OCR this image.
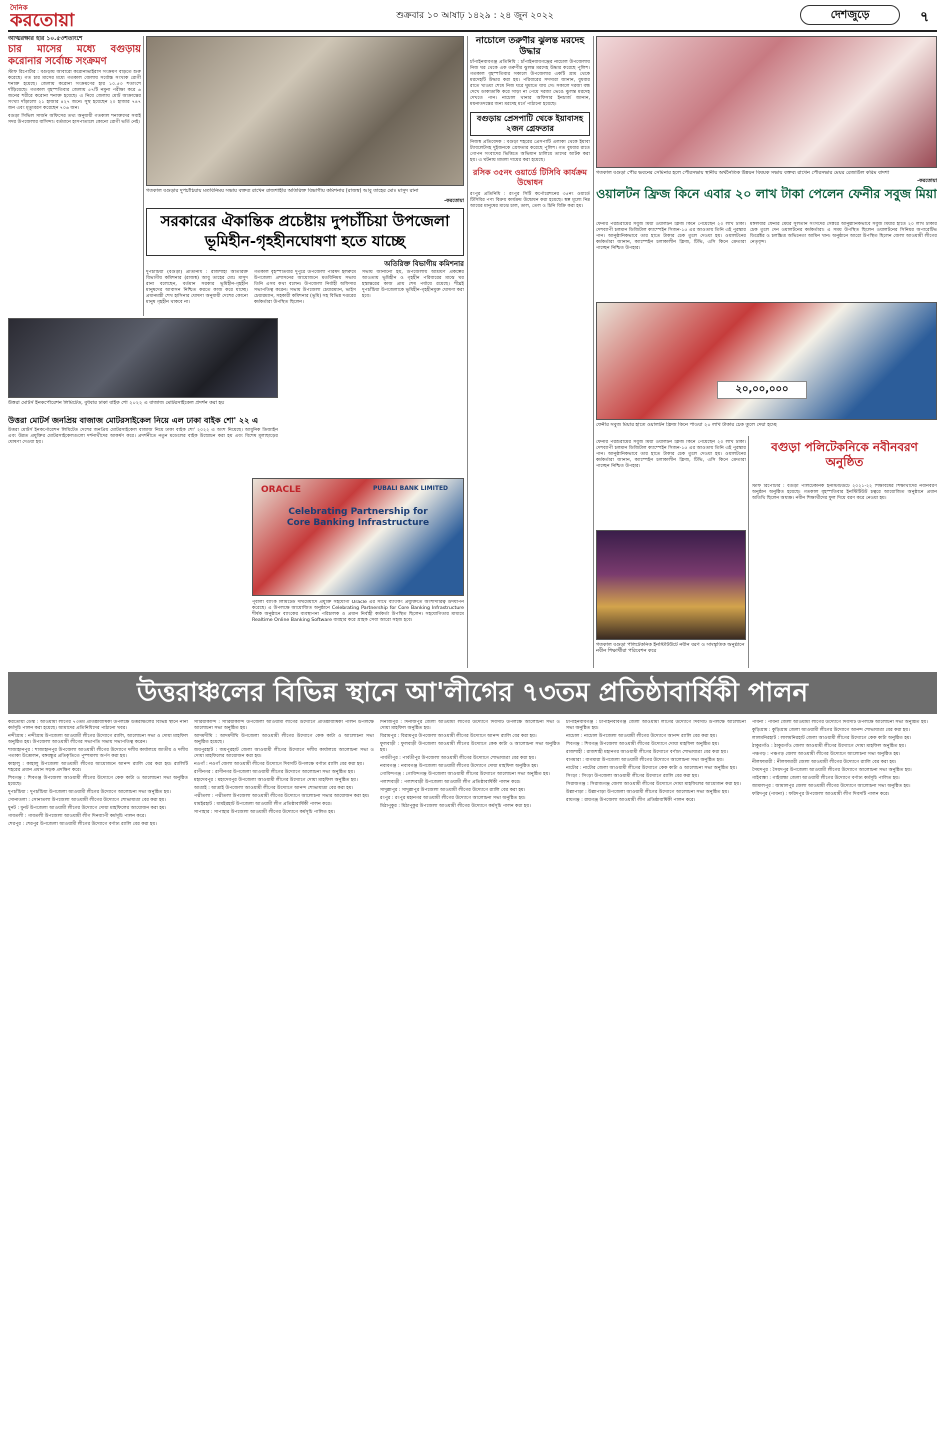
দৈনিক
করতোয়া	শুক্রবার ১০ আষাঢ় ১৪২৯ : ২৪ জুন ২০২২	দেশজুড়ে	৭
আত্মরক্ষার হার ১০.৫৩শতাংশে
চার মাসের মধ্যে বগুড়ায় করোনার সর্বোচ্চ সংক্রমণ

স্টাফ রিপোর্টার : বগুড়ায় আবারো করোনাভাইরাস সংক্রমণ বাড়তে শুরু করেছে। গত চার মাসের মধ্যে গতকাল জেলায় সর্বোচ্চ সংখ্যক রোগী শনাক্ত হয়েছে। জেলায় করোনা সংক্রমণের হার ১০.৫৩ শতাংশে দাঁড়িয়েছে। গতকাল বৃহস্পতিবার জেলায় ৫৭টি নমুনা পরীক্ষা করে ৬ জনের শরীরে করোনা শনাক্ত হয়েছে। এ নিয়ে জেলায় মোট আক্রান্তের সংখ্যা দাঁড়ালো ২১ হাজার ৪২৭ জনে। সুস্থ হয়েছেন ২০ হাজার ৭৪৭ জন এবং মৃত্যুবরণ করেছেন ৭০৬ জন।

বগুড়া সিভিল সার্জন অফিসের তথ্য অনুযায়ী গতকাল শনাক্তদের সবাই সদর উপজেলার বাসিন্দা। বর্তমানে হাসপাতালে কোনো রোগী ভর্তি নেই।

উত্তরা মোটর্স ইনকর্পোরেশন লিমিটেড, বুধবার ঢাকা বাইক শো ২০২২ এ বাজাজ মোটরসাইকেল প্রদর্শন করা হয়
উত্তরা মোটর্স জনপ্রিয় বাজাজ মোটরসাইকেল নিয়ে এল ঢাকা বাইক শো' ২২ এ

উত্তরা মোটর্স ইনকর্পোরেশন লিমিটেড দেশের জনপ্রিয় মোটরসাইকেল বাজাজ নিয়ে ঢাকা বাইক শো' ২০২২ এ অংশ নিয়েছে। আধুনিক ডিজাইন এবং উন্নত প্রযুক্তির মোটরসাইকেলগুলো দর্শনার্থীদের আকর্ষণ করে। প্রদর্শনীতে নতুন মডেলের বাইক উন্মোচন করা হয় এবং বিশেষ মূল্যছাড়ের ঘোষণা দেওয়া হয়।

গতকাল বগুড়ার দুপচাঁচিয়ায় মতবিনিময় সভায় বক্তব্য রাখেন রাজশাহীর অতিরিক্ত বিভাগীয় কমিশনার (রাজস্ব) আবু তাহের মোঃ মাসুদ রানা
-করতোয়া
সরকারের ঐকান্তিক প্রচেষ্টায় দুপচাঁচিয়া উপজেলা ভূমিহীন-গৃহহীনঘোষণা হতে যাচ্ছে
অতিরিক্ত বিভাগীয় কমিশনার

দুপচাঁচিয়া (বগুড়া) প্রতিনিধি : রাজশাহী অতিরিক্ত বিভাগীয় কমিশনার (রাজস্ব) আবু তাহের মোঃ মাসুদ রানা বলেছেন, বর্তমান সরকার ভূমিহীন-গৃহহীন মানুষদের আবাসন নিশ্চিত করতে কাজ করে যাচ্ছে। প্রধানমন্ত্রী শেখ হাসিনার ঘোষণা অনুযায়ী দেশের কোনো মানুষ গৃহহীন থাকবে না।

গতকাল বৃহস্পতিবার দুপুরে উপজেলা পরিষদ হলরুমে উপজেলা প্রশাসনের আয়োজনে মতবিনিময় সভায় তিনি এসব কথা বলেন। উপজেলা নির্বাহী অফিসার সভাপতিত্ব করেন। সভায় উপজেলা চেয়ারম্যান, ভাইস চেয়ারম্যান, সহকারী কমিশনার (ভূমি) সহ বিভিন্ন দপ্তরের কর্মকর্তারা উপস্থিত ছিলেন।

সভায় জানানো হয়, উপজেলায় আশ্রয়ণ প্রকল্পের আওতায় ভূমিহীন ও গৃহহীন পরিবারের মাঝে ঘর হস্তান্তরের কাজ প্রায় শেষ পর্যায়ে রয়েছে। শীঘ্রই দুপচাঁচিয়া উপজেলাকে ভূমিহীন-গৃহহীনমুক্ত ঘোষণা করা হবে।

ORACLE	PUBALI BANK LIMITED
Celebrating Partnership for Core Banking Infrastructure

পূবালী ব্যাংক লিমিটেড দীর্ঘমেয়াদে প্রযুক্তি সহযোগী Oracle এর সাথে ব্যাংকিং প্রযুক্তিতে অংশীদারিত্ব উদযাপন করেছে। এ উপলক্ষে আয়োজিত অনুষ্ঠানে Celebrating Partnership for Core Banking Infrastructure শীর্ষক অনুষ্ঠানে ব্যাংকের ব্যবস্থাপনা পরিচালক ও প্রধান নির্বাহী কর্মকর্তা উপস্থিত ছিলেন। সহযোগিতার মাধ্যমে Realtime Online Banking Software ব্যবহার করে গ্রাহক সেবা আরো সহজ হবে।

নাচোলে তরুণীর ঝুলন্ত মরদেহ উদ্ধার

চাঁপাইনবাবগঞ্জ প্রতিনিধি : চাঁপাইনবাবগঞ্জের নাচোল উপজেলায় নিজ ঘর থেকে এক তরুণীর ঝুলন্ত মরদেহ উদ্ধার করেছে পুলিশ। গতকাল বৃহস্পতিবার সকালে উপজেলার একটি গ্রাম থেকে মরদেহটি উদ্ধার করা হয়। পরিবারের সদস্যরা জানান, বুধবার রাতে খাওয়া শেষে নিজ ঘরে ঘুমাতে যায় সে। সকালে দরজা বন্ধ দেখে ডাকাডাকি করে সাড়া না পেয়ে দরজা ভেঙে ঝুলন্ত মরদেহ দেখতে পান। নাচোল থানার অফিসার ইনচার্জ জানান, ময়নাতদন্তের জন্য মরদেহ মর্গে পাঠানো হয়েছে।

বগুড়ায় প্রেসপাটি থেকে ইয়াবাসহ ২জন গ্রেফতার

নিজস্ব প্রতিবেদক : বগুড়া শহরের প্রেসপাটি এলাকা থেকে ইয়াবা ট্যাবলেটসহ দুইজনকে গ্রেফতার করেছে পুলিশ। গত বুধবার রাতে গোপন সংবাদের ভিত্তিতে অভিযান চালিয়ে তাদের আটক করা হয়। এ ঘটনায় মামলা দায়ের করা হয়েছে।

রসিক ৩৫নং ওয়ার্ডে টিসিবি কার্যক্রম উদ্বোধন

রংপুর প্রতিনিধি : রংপুর সিটি কর্পোরেশনের ৩৫নং ওয়ার্ডে টিসিবির পণ্য বিক্রয় কার্যক্রম উদ্বোধন করা হয়েছে। স্বল্প মূল্যে নিম্ন আয়ের মানুষের মাঝে চাল, ডাল, তেল ও চিনি বিক্রি করা হয়।

গতকাল বগুড়া পৌর ভবনের সেমিনার হলে পৌরসভায় স্থানীয় অর্থনৈতিক উন্নয়ন বিষয়ক সভায় বক্তব্য রাখেন পৌরসভার মেয়র রেজাউল করিম বাদশা
-করতোয়া
ওয়ালটন ফ্রিজ কিনে এবার ২০ লাখ টাকা পেলেন ফেনীর সবুজ মিয়া

ফেনীর পরশুরামের সবুজ মিয়া ওয়ালটন ফ্রিজ কিনে পেয়েছেন ২০ লাখ টাকা। দেশব্যাপী চলমান ডিজিটাল ক্যাম্পেইন সিজন-১৫ এর আওতায় তিনি এই পুরস্কার পান। আনুষ্ঠানিকভাবে তার হাতে টাকার চেক তুলে দেওয়া হয়। ওয়ালটনের কর্মকর্তারা জানান, ক্যাম্পেইন চলাকালীন ফ্রিজ, টিভি, এসি কিনে ক্রেতারা পাচ্ছেন নিশ্চিত উপহার।

২০,০০,০০০
ফেনীর সবুজ মিয়ার হাতে ওয়ালটন ফ্রিজ কিনে পাওয়া ২০ লাখ টাকার চেক তুলে দেয়া হচ্ছে

মঙ্গলবার ফেনীর মেয়র সুলতান সংসদের সেক্টরে আনুষ্ঠানিকভাবে সবুজ মিয়ার হাতে ২০ লাখ টাকার চেক তুলে দেন ওয়ালটনের কর্মকর্তারা। এ সময় উপস্থিত ছিলেন ওয়ালটনের সিনিয়র অপারেটিভ ডিরেক্টর ও চলচ্চিত্র অভিনেতা আমিন খান। অনুষ্ঠানে আরো উপস্থিত ছিলেন জেলা আওয়ামী লীগের নেতৃবৃন্দ।

ফেনীর পরশুরামের সবুজ মিয়া ওয়ালটন ফ্রিজ কিনে পেয়েছেন ২০ লাখ টাকা। দেশব্যাপী চলমান ডিজিটাল ক্যাম্পেইন সিজন-১৫ এর আওতায় তিনি এই পুরস্কার পান। আনুষ্ঠানিকভাবে তার হাতে টাকার চেক তুলে দেওয়া হয়। ওয়ালটনের কর্মকর্তারা জানান, ক্যাম্পেইন চলাকালীন ফ্রিজ, টিভি, এসি কিনে ক্রেতারা পাচ্ছেন নিশ্চিত উপহার।

বগুড়া পলিটেকনিকে নবীনবরণ অনুষ্ঠিত

স্টাফ রিপোর্টার : বগুড়া পলিটেকনিক ইনস্টিটিউটে ২০২১-২২ শিক্ষাবর্ষের শিক্ষার্থীদের নবীনবরণ অনুষ্ঠান অনুষ্ঠিত হয়েছে। গতকাল বৃহস্পতিবার ইনস্টিটিউট চত্বরে আয়োজিত অনুষ্ঠানে প্রধান অতিথি ছিলেন অধ্যক্ষ। নবীন শিক্ষার্থীদের ফুল দিয়ে বরণ করে নেওয়া হয়।

গতকাল বগুড়া পলিটেকনিক ইনস্টিটিউটে নবীন বরণ ও সাংস্কৃতিক অনুষ্ঠানে নবীন শিক্ষার্থীরা পরিবেশন করে
উত্তরাঞ্চলের বিভিন্ন স্থানে আ'লীগের ৭৩তম প্রতিষ্ঠাবার্ষিকী পালন

করতোয়া ডেস্ক : আওয়ামী লীগের ৭৩তম প্রতিষ্ঠাবার্ষিকী উপলক্ষে উত্তরাঞ্চলের বিভিন্ন স্থানে নানা কর্মসূচি পালন করা হয়েছে। আমাদের প্রতিনিধিদের পাঠানো খবর।

নন্দীগ্রাম : নন্দীগ্রাম উপজেলা আওয়ামী লীগের উদ্যোগে র‌্যালি, আলোচনা সভা ও দোয়া মাহফিল অনুষ্ঠিত হয়। উপজেলা আওয়ামী লীগের সভাপতি সভায় সভাপতিত্ব করেন।

শাজাহানপুর : শাজাহানপুর উপজেলা আওয়ামী লীগের উদ্যোগে দলীয় কার্যালয়ে জাতীয় ও দলীয় পতাকা উত্তোলন, বঙ্গবন্ধুর প্রতিকৃতিতে পুষ্পমাল্য অর্পণ করা হয়।

কাহালু : কাহালু উপজেলা আওয়ামী লীগের আয়োজনে আনন্দ র‌্যালি বের করা হয়। র‌্যালিটি শহরের প্রধান প্রধান সড়ক প্রদক্ষিণ করে।

শিবগঞ্জ : শিবগঞ্জ উপজেলা আওয়ামী লীগের উদ্যোগে কেক কাটা ও আলোচনা সভা অনুষ্ঠিত হয়েছে।

দুপচাঁচিয়া : দুপচাঁচিয়া উপজেলা আওয়ামী লীগের উদ্যোগে আলোচনা সভা অনুষ্ঠিত হয়।

সোনাতলা : সোনাতলা উপজেলা আওয়ামী লীগের উদ্যোগে শোভাযাত্রা বের করা হয়।

ধুনট : ধুনট উপজেলা আওয়ামী লীগের উদ্যোগে দোয়া মাহফিলের আয়োজন করা হয়।

গাবতলী : গাবতলী উপজেলা আওয়ামী লীগ দিনব্যাপী কর্মসূচি পালন করে।

শেরপুর : শেরপুর উপজেলা আওয়ামী লীগের উদ্যোগে বর্ণাঢ্য র‌্যালি বের করা হয়।

সারিয়াকান্দি : সারিয়াকান্দি উপজেলা আওয়ামী লীগের উদ্যোগে প্রতিষ্ঠাবার্ষিকী পালন উপলক্ষে আলোচনা সভা অনুষ্ঠিত হয়।

আদমদীঘি : আদমদীঘি উপজেলা আওয়ামী লীগের উদ্যোগে কেক কাটা ও আলোচনা সভা অনুষ্ঠিত হয়েছে।

জয়পুরহাট : জয়পুরহাট জেলা আওয়ামী লীগের উদ্যোগে দলীয় কার্যালয়ে আলোচনা সভা ও দোয়া মাহফিলের আয়োজন করা হয়।

নওগাঁ : নওগাঁ জেলা আওয়ামী লীগের উদ্যোগে দিবসটি উপলক্ষে বর্ণাঢ্য র‌্যালি বের করা হয়।

রাণীনগর : রাণীনগর উপজেলা আওয়ামী লীগের উদ্যোগে আলোচনা সভা অনুষ্ঠিত হয়।

মহাদেবপুর : মহাদেবপুর উপজেলা আওয়ামী লীগের উদ্যোগে দোয়া মাহফিল অনুষ্ঠিত হয়।

আত্রাই : আত্রাই উপজেলা আওয়ামী লীগের উদ্যোগে আনন্দ শোভাযাত্রা বের করা হয়।

পত্নীতলা : পত্নীতলা উপজেলা আওয়ামী লীগের উদ্যোগে আলোচনা সভার আয়োজন করা হয়।

ধামইরহাট : ধামইরহাট উপজেলা আওয়ামী লীগ প্রতিষ্ঠাবার্ষিকী পালন করে।

সাপাহার : সাপাহার উপজেলা আওয়ামী লীগের উদ্যোগে কর্মসূচি পালিত হয়।

দিনাজপুর : দিনাজপুর জেলা আওয়ামী লীগের উদ্যোগে দিবসটি উপলক্ষে আলোচনা সভা ও দোয়া মাহফিল অনুষ্ঠিত হয়।

বিরামপুর : বিরামপুর উপজেলা আওয়ামী লীগের উদ্যোগে আনন্দ র‌্যালি বের করা হয়।

ফুলবাড়ী : ফুলবাড়ী উপজেলা আওয়ামী লীগের উদ্যোগে কেক কাটা ও আলোচনা সভা অনুষ্ঠিত হয়।

পার্বতীপুর : পার্বতীপুর উপজেলা আওয়ামী লীগের উদ্যোগে শোভাযাত্রা বের করা হয়।

নবাবগঞ্জ : নবাবগঞ্জ উপজেলা আওয়ামী লীগের উদ্যোগে দোয়া মাহফিল অনুষ্ঠিত হয়।

গোবিন্দগঞ্জ : গোবিন্দগঞ্জ উপজেলা আওয়ামী লীগের উদ্যোগে আলোচনা সভা অনুষ্ঠিত হয়।

পলাশবাড়ী : পলাশবাড়ী উপজেলা আওয়ামী লীগ প্রতিষ্ঠাবার্ষিকী পালন করে।

সাদুল্লাপুর : সাদুল্লাপুর উপজেলা আওয়ামী লীগের উদ্যোগে র‌্যালি বের করা হয়।

রংপুর : রংপুর মহানগর আওয়ামী লীগের উদ্যোগে আলোচনা সভা অনুষ্ঠিত হয়।

মিঠাপুকুর : মিঠাপুকুর উপজেলা আওয়ামী লীগের উদ্যোগে কর্মসূচি পালন করা হয়।

চাঁপাইনবাবগঞ্জ : চাঁপাইনবাবগঞ্জ জেলা আওয়ামী লীগের উদ্যোগে দিবসটি উপলক্ষে আলোচনা সভা অনুষ্ঠিত হয়।

নাচোল : নাচোল উপজেলা আওয়ামী লীগের উদ্যোগে আনন্দ র‌্যালি বের করা হয়।

শিবগঞ্জ : শিবগঞ্জ উপজেলা আওয়ামী লীগের উদ্যোগে দোয়া মাহফিল অনুষ্ঠিত হয়।

রাজশাহী : রাজশাহী মহানগর আওয়ামী লীগের উদ্যোগে বর্ণাঢ্য শোভাযাত্রা বের করা হয়।

বাগমারা : বাগমারা উপজেলা আওয়ামী লীগের উদ্যোগে আলোচনা সভা অনুষ্ঠিত হয়।

নাটোর : নাটোর জেলা আওয়ামী লীগের উদ্যোগে কেক কাটা ও আলোচনা সভা অনুষ্ঠিত হয়।

সিংড়া : সিংড়া উপজেলা আওয়ামী লীগের উদ্যোগে র‌্যালি বের করা হয়।

সিরাজগঞ্জ : সিরাজগঞ্জ জেলা আওয়ামী লীগের উদ্যোগে দোয়া মাহফিলের আয়োজন করা হয়।

উল্লাপাড়া : উল্লাপাড়া উপজেলা আওয়ামী লীগের উদ্যোগে আলোচনা সভা অনুষ্ঠিত হয়।

রায়গঞ্জ : রায়গঞ্জ উপজেলা আওয়ামী লীগ প্রতিষ্ঠাবার্ষিকী পালন করে।

পাবনা : পাবনা জেলা আওয়ামী লীগের উদ্যোগে দিবসটি উপলক্ষে আলোচনা সভা অনুষ্ঠিত হয়।

কুড়িগ্রাম : কুড়িগ্রাম জেলা আওয়ামী লীগের উদ্যোগে আনন্দ শোভাযাত্রা বের করা হয়।

লালমনিরহাট : লালমনিরহাট জেলা আওয়ামী লীগের উদ্যোগে কেক কাটা অনুষ্ঠিত হয়।

ঠাকুরগাঁও : ঠাকুরগাঁও জেলা আওয়ামী লীগের উদ্যোগে দোয়া মাহফিল অনুষ্ঠিত হয়।

পঞ্চগড় : পঞ্চগড় জেলা আওয়ামী লীগের উদ্যোগে আলোচনা সভা অনুষ্ঠিত হয়।

নীলফামারী : নীলফামারী জেলা আওয়ামী লীগের উদ্যোগে র‌্যালি বের করা হয়।

সৈয়দপুর : সৈয়দপুর উপজেলা আওয়ামী লীগের উদ্যোগে আলোচনা সভা অনুষ্ঠিত হয়।

গাইবান্ধা : গাইবান্ধা জেলা আওয়ামী লীগের উদ্যোগে বর্ণাঢ্য কর্মসূচি পালিত হয়।

জামালপুর : জামালপুর জেলা আওয়ামী লীগের উদ্যোগে আলোচনা সভা অনুষ্ঠিত হয়।

ফরিদপুর (পাবনা) : ফরিদপুর উপজেলা আওয়ামী লীগ দিবসটি পালন করে।
